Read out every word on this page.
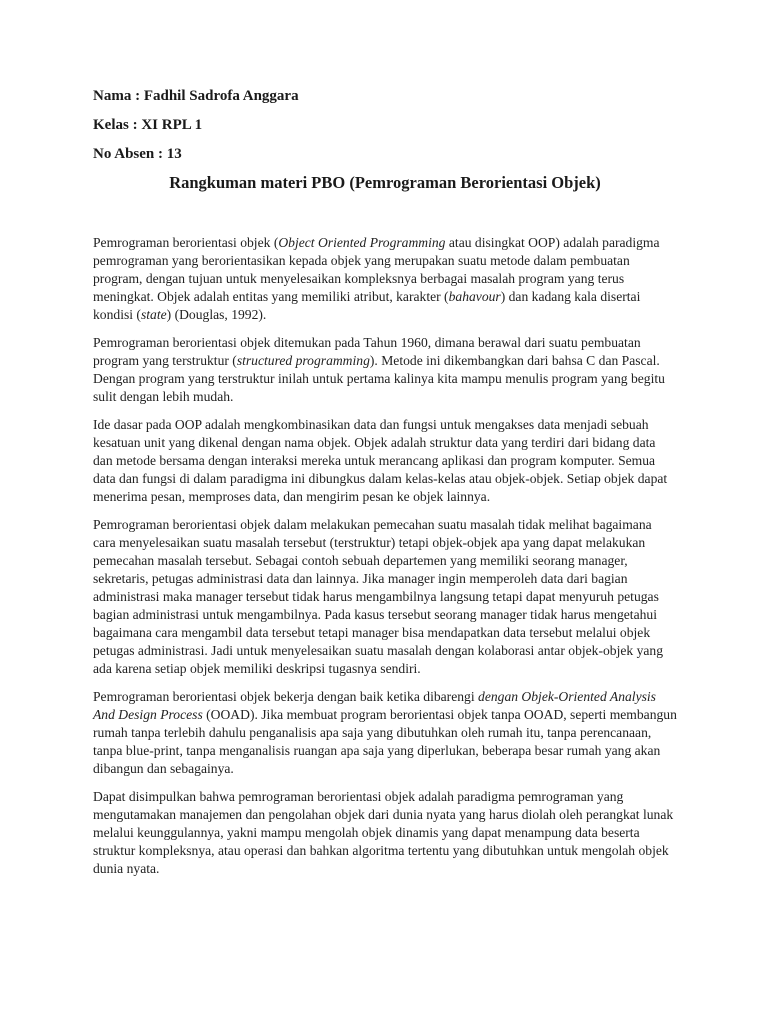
Nama : Fadhil Sadrofa Anggara
Kelas : XI RPL 1
No Absen : 13
Rangkuman materi PBO (Pemrograman Berorientasi Objek)

Pemrograman berorientasi objek (Object Oriented Programming atau disingkat OOP) adalah paradigma pemrograman yang berorientasikan kepada objek yang merupakan suatu metode dalam pembuatan program, dengan tujuan untuk menyelesaikan kompleksnya berbagai masalah program yang terus meningkat. Objek adalah entitas yang memiliki atribut, karakter (bahavour) dan kadang kala disertai kondisi (state) (Douglas, 1992).

Pemrograman berorientasi objek ditemukan pada Tahun 1960, dimana berawal dari suatu pembuatan program yang terstruktur (structured programming). Metode ini dikembangkan dari bahsa C dan Pascal. Dengan program yang terstruktur inilah untuk pertama kalinya kita mampu menulis program yang begitu sulit dengan lebih mudah.

Ide dasar pada OOP adalah mengkombinasikan data dan fungsi untuk mengakses data menjadi sebuah kesatuan unit yang dikenal dengan nama objek. Objek adalah struktur data yang terdiri dari bidang data dan metode bersama dengan interaksi mereka untuk merancang aplikasi dan program komputer. Semua data dan fungsi di dalam paradigma ini dibungkus dalam kelas-kelas atau objek-objek. Setiap objek dapat menerima pesan, memproses data, dan mengirim pesan ke objek lainnya.

Pemrograman berorientasi objek dalam melakukan pemecahan suatu masalah tidak melihat bagaimana cara menyelesaikan suatu masalah tersebut (terstruktur) tetapi objek-objek apa yang dapat melakukan pemecahan masalah tersebut. Sebagai contoh sebuah departemen yang memiliki seorang manager, sekretaris, petugas administrasi data dan lainnya. Jika manager ingin memperoleh data dari bagian administrasi maka manager tersebut tidak harus mengambilnya langsung tetapi dapat menyuruh petugas bagian administrasi untuk mengambilnya. Pada kasus tersebut seorang manager tidak harus mengetahui bagaimana cara mengambil data tersebut tetapi manager bisa mendapatkan data tersebut melalui objek petugas administrasi. Jadi untuk menyelesaikan suatu masalah dengan kolaborasi antar objek-objek yang ada karena setiap objek memiliki deskripsi tugasnya sendiri.

Pemrograman berorientasi objek bekerja dengan baik ketika dibarengi dengan Objek-Oriented Analysis And Design Process (OOAD). Jika membuat program berorientasi objek tanpa OOAD, seperti membangun rumah tanpa terlebih dahulu penganalisis apa saja yang dibutuhkan oleh rumah itu, tanpa perencanaan, tanpa blue-print, tanpa menganalisis ruangan apa saja yang diperlukan, beberapa besar rumah yang akan dibangun dan sebagainya.

Dapat disimpulkan bahwa pemrograman berorientasi objek adalah paradigma pemrograman yang mengutamakan manajemen dan pengolahan objek dari dunia nyata yang harus diolah oleh perangkat lunak melalui keunggulannya, yakni mampu mengolah objek dinamis yang dapat menampung data beserta struktur kompleksnya, atau operasi dan bahkan algoritma tertentu yang dibutuhkan untuk mengolah objek dunia nyata.
